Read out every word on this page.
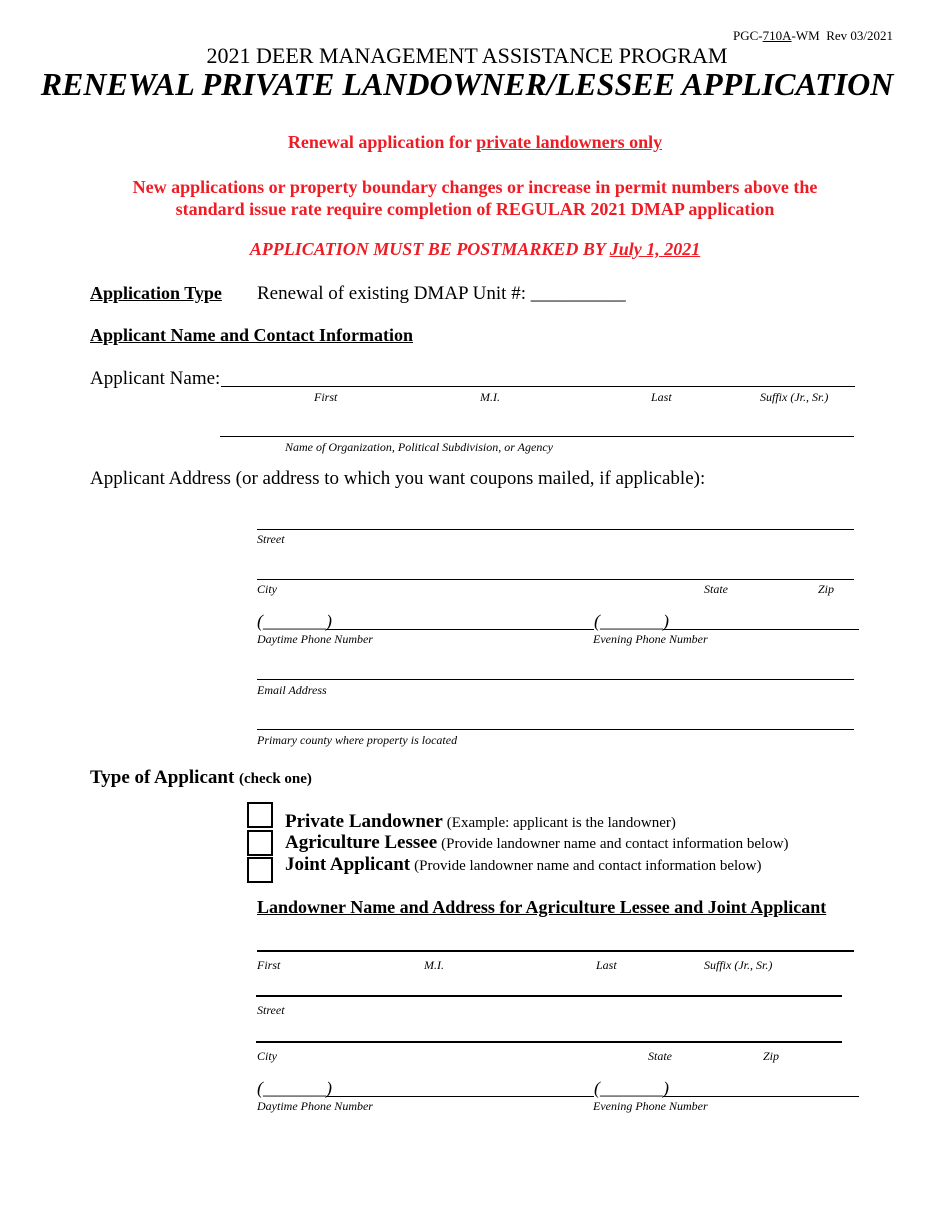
PGC-710A-WM Rev 03/2021
2021 DEER MANAGEMENT ASSISTANCE PROGRAM
RENEWAL PRIVATE LANDOWNER/LESSEE APPLICATION
Renewal application for private landowners only
New applications or property boundary changes or increase in permit numbers above the
standard issue rate require completion of REGULAR 2021 DMAP application
APPLICATION MUST BE POSTMARKED BY July 1, 2021
Application Type Renewal of existing DMAP Unit #: __________
Applicant Name and Contact Information
Applicant Name:
First	M.I.	Last	Suffix (Jr., Sr.)
Name of Organization, Political Subdivision, or Agency
Applicant Address (or address to which you want coupons mailed, if applicable):
Street
City	State	Zip
(_______)	(_______)
Daytime Phone Number	Evening Phone Number
Email Address
Primary county where property is located
Type of Applicant (check one)
Private Landowner (Example: applicant is the landowner)
Agriculture Lessee (Provide landowner name and contact information below)
Joint Applicant (Provide landowner name and contact information below)
Landowner Name and Address for Agriculture Lessee and Joint Applicant
First	M.I.	Last	Suffix (Jr., Sr.)
Street
City	State	Zip
(_______)	(_______)
Daytime Phone Number	Evening Phone Number
